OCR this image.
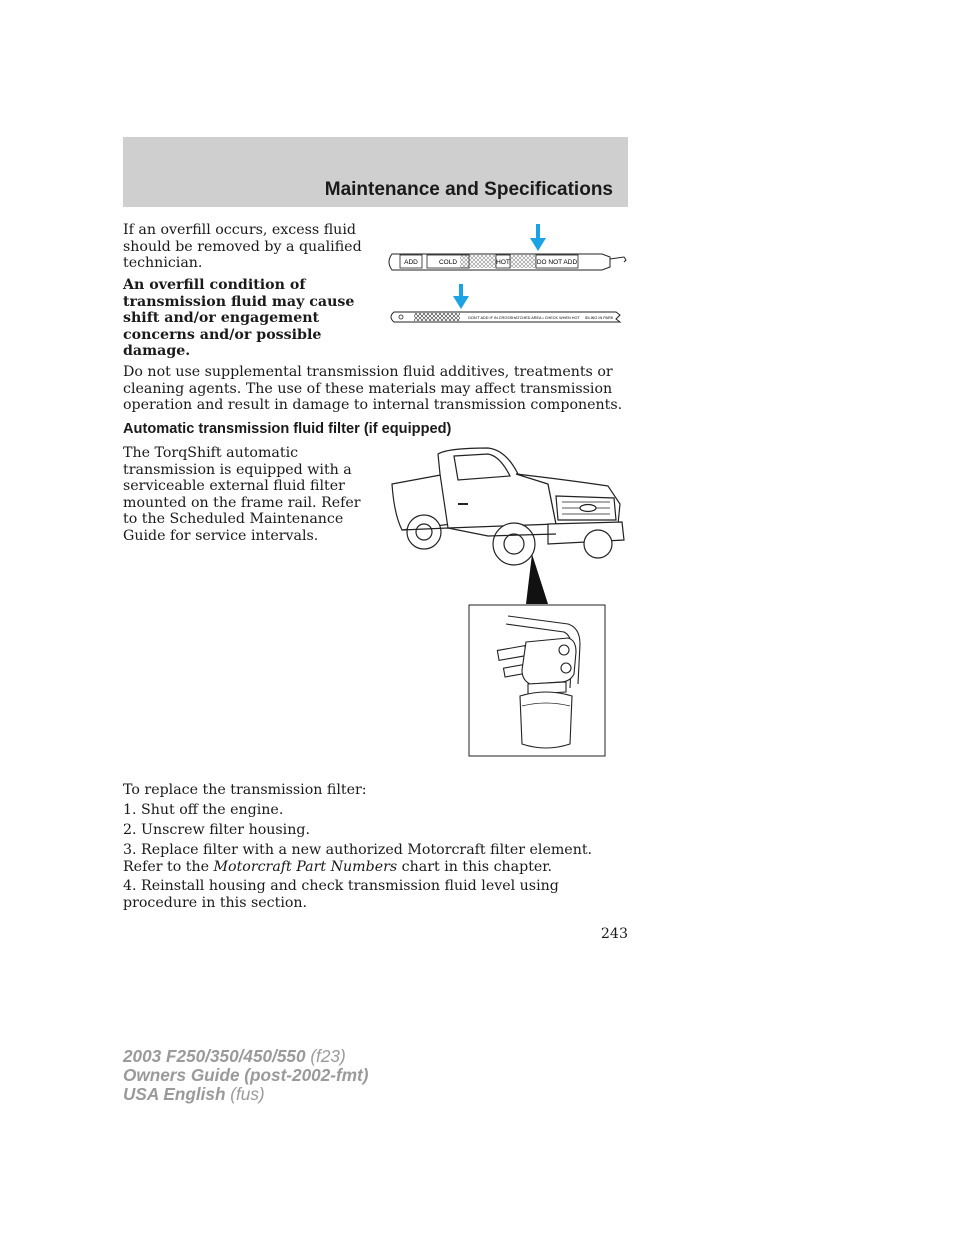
Maintenance and Specifications

If an overfill occurs, excess fluid should be removed by a qualified technician.

An overfill condition of transmission fluid may cause shift and/or engagement concerns and/or possible damage.

Do not use supplemental transmission fluid additives, treatments or cleaning agents. The use of these materials may affect transmission operation and result in damage to internal transmission components.

ADD	COLD	HOT	DO NOT ADD
DON'T ADD IF IN CROSSHATCHED AREA • CHECK WHEN HOT IDLING IN PARK
Automatic transmission fluid filter (if equipped)

The TorqShift automatic transmission is equipped with a serviceable external fluid filter mounted on the frame rail. Refer to the Scheduled Maintenance Guide for service intervals.

To replace the transmission filter:

1. Shut off the engine.

2. Unscrew filter housing.

3. Replace filter with a new authorized Motorcraft filter element. Refer to the Motorcraft Part Numbers chart in this chapter.

4. Reinstall housing and check transmission fluid level using procedure in this section.

243

2003 F250/350/450/550 (f23)
Owners Guide (post-2002-fmt)
USA English (fus)
